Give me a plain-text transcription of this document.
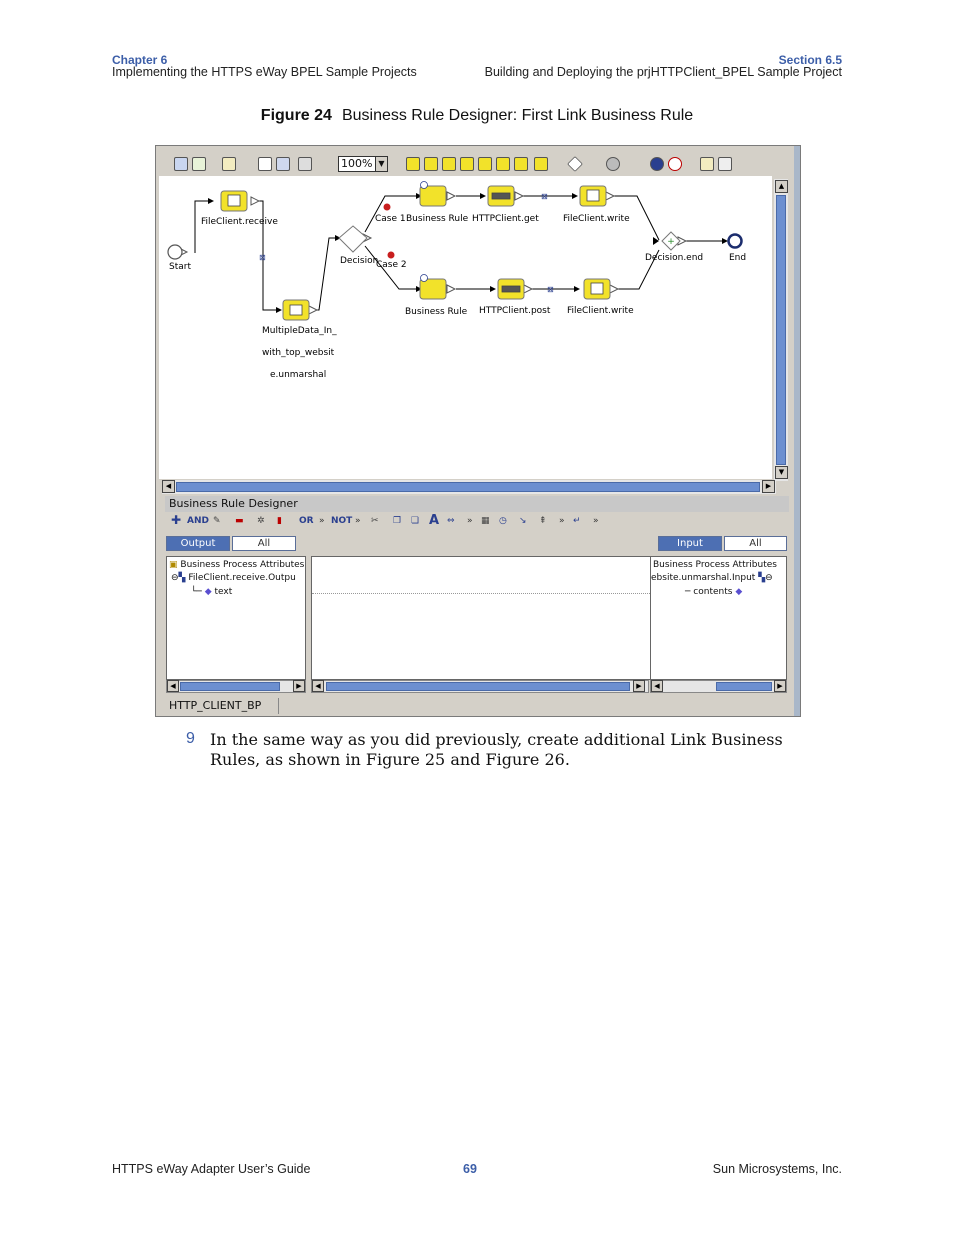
Chapter 6	Section 6.5
Implementing the HTTPS eWay BPEL Sample Projects	Building and Deploying the prjHTTPClient_BPEL Sample Project
Figure 24 Business Rule Designer: First Link Business Rule
100% ▼
+
⊠
⊠
⊠
Start
FileClient.receive
MultipleData_In_
with_top_websit
e.unmarshal
Decision
Case 1
Case 2
Business Rule HTTPClient.get	FileClient.write
Business Rule HTTPClient.post FileClient.write
Decision.end	End
▲
▼
◀	▶
Business Rule Designer
✚ AND ✎ ▬ ✲ ▮ OR » NOT » ✂ ❐ ❏ A ⇔ » ▦ ◷ ↘ ⇞ » ↵ »
Output	All	Input	All
▣ Business Process Attributes
⊖▚ FileClient.receive.Outpu
└─ ◆ text
Business Process Attributes
ebsite.unmarshal.Input ▚⊖
─ contents ◆
◀	▶	◀	▶	◀	▶
HTTP_CLIENT_BP
9 In the same way as you did previously, create additional Link Business Rules, as shown in Figure 25 and Figure 26.
HTTPS eWay Adapter User’s Guide	69	Sun Microsystems, Inc.
